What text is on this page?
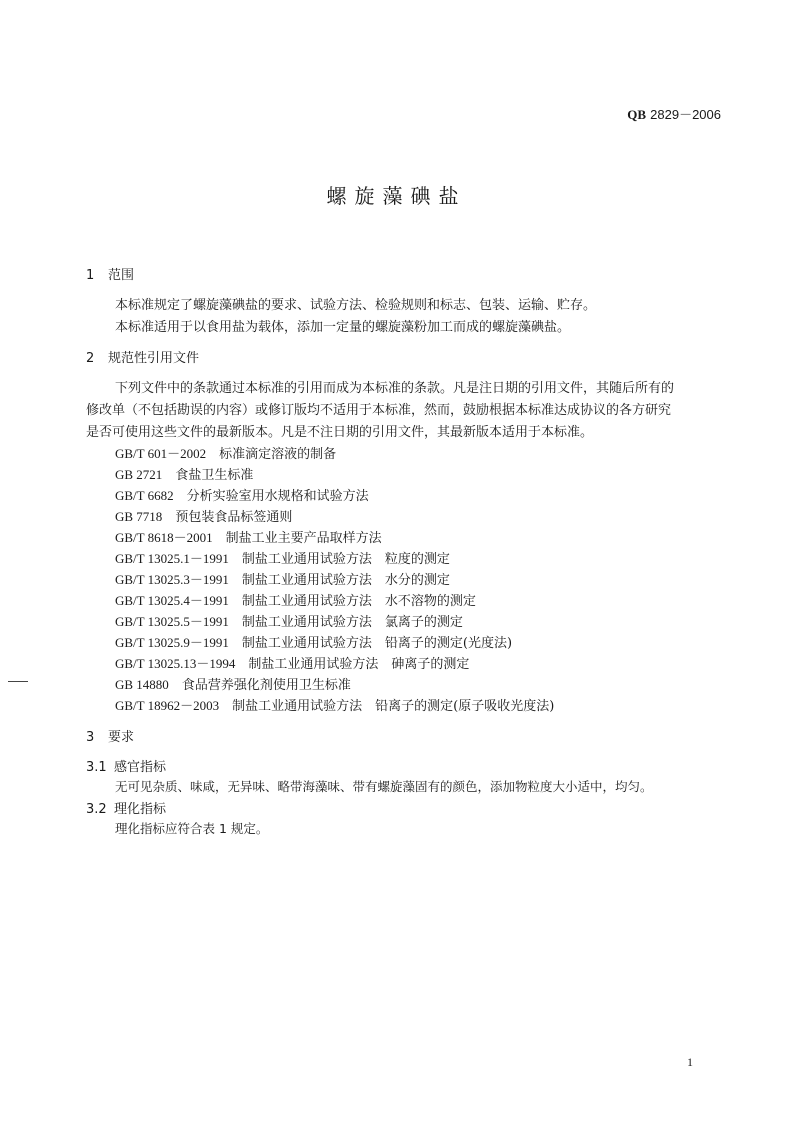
QB 2829－2006
螺旋藻碘盐
1 范围
本标准规定了螺旋藻碘盐的要求、试验方法、检验规则和标志、包装、运输、贮存。
本标准适用于以食用盐为载体，添加一定量的螺旋藻粉加工而成的螺旋藻碘盐。
2 规范性引用文件
下列文件中的条款通过本标准的引用而成为本标准的条款。凡是注日期的引用文件，其随后所有的
修改单（不包括勘误的内容）或修订版均不适用于本标准，然而，鼓励根据本标准达成协议的各方研究
是否可使用这些文件的最新版本。凡是不注日期的引用文件，其最新版本适用于本标准。
GB/T 601－2002　 标准滴定溶液的制备
GB 2721　 食盐卫生标准
GB/T 6682　 分析实验室用水规格和试验方法
GB 7718　 预包装食品标签通则
GB/T 8618－2001　 制盐工业主要产品取样方法
GB/T 13025.1－1991　 制盐工业通用试验方法　粒度的测定
GB/T 13025.3－1991　 制盐工业通用试验方法　水分的测定
GB/T 13025.4－1991　 制盐工业通用试验方法　水不溶物的测定
GB/T 13025.5－1991　 制盐工业通用试验方法　氯离子的测定
GB/T 13025.9－1991　 制盐工业通用试验方法　铅离子的测定(光度法)
GB/T 13025.13－1994　 制盐工业通用试验方法　砷离子的测定
GB 14880　 食品营养强化剂使用卫生标准
GB/T 18962－2003　 制盐工业通用试验方法　铅离子的测定(原子吸收光度法)
3 要求
3.1 感官指标
无可见杂质、味咸，无异味、略带海藻味、带有螺旋藻固有的颜色，添加物粒度大小适中，均匀。
3.2 理化指标
理化指标应符合表 1 规定。
1
